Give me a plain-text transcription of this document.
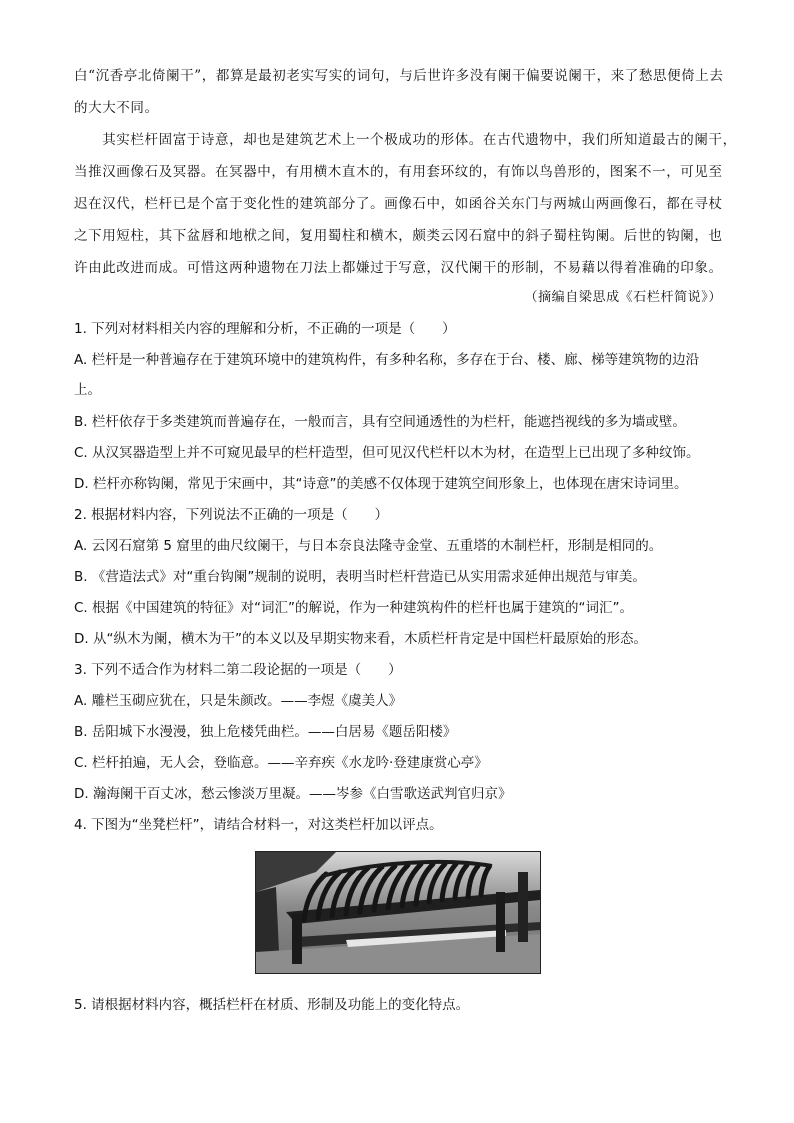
白“沉香亭北倚阑干”，都算是最初老实写实的词句，与后世许多没有阑干偏要说阑干，来了愁思便倚上去
的大大不同。
　　其实栏杆固富于诗意，却也是建筑艺术上一个极成功的形体。在古代遗物中，我们所知道最古的阑干，
当推汉画像石及冥器。在冥器中，有用横木直木的，有用套环纹的，有饰以鸟兽形的，图案不一，可见至
迟在汉代，栏杆已是个富于变化性的建筑部分了。画像石中，如函谷关东门与两城山两画像石，都在寻杖
之下用短柱，其下盆唇和地栿之间，复用蜀柱和横木，颇类云冈石窟中的斜子蜀柱钩阑。后世的钩阑，也
许由此改进而成。可惜这两种遗物在刀法上都嫌过于写意，汉代阑干的形制，不易藉以得着准确的印象。
（摘编自梁思成《石栏杆简说》）
1. 下列对材料相关内容的理解和分析，不正确的一项是（　　）
A. 栏杆是一种普遍存在于建筑环境中的建筑构件，有多种名称，多存在于台、楼、廊、梯等建筑物的边沿
上。
B. 栏杆依存于多类建筑而普遍存在，一般而言，具有空间通透性的为栏杆，能遮挡视线的多为墙或壁。
C. 从汉冥器造型上并不可窥见最早的栏杆造型，但可见汉代栏杆以木为材，在造型上已出现了多种纹饰。
D. 栏杆亦称钩阑，常见于宋画中，其“诗意”的美感不仅体现于建筑空间形象上，也体现在唐宋诗词里。
2. 根据材料内容，下列说法不正确的一项是（　　）
A. 云冈石窟第 5 窟里的曲尺纹阑干，与日本奈良法隆寺金堂、五重塔的木制栏杆，形制是相同的。
B. 《营造法式》对“重台钩阑”规制的说明，表明当时栏杆营造已从实用需求延伸出规范与审美。
C. 根据《中国建筑的特征》对“词汇”的解说，作为一种建筑构件的栏杆也属于建筑的“词汇”。
D. 从“纵木为阑，横木为干”的本义以及早期实物来看，木质栏杆肯定是中国栏杆最原始的形态。
3. 下列不适合作为材料二第二段论据的一项是（　　）
A. 雕栏玉砌应犹在，只是朱颜改。——李煜《虞美人》
B. 岳阳城下水漫漫，独上危楼凭曲栏。——白居易《题岳阳楼》
C. 栏杆拍遍，无人会，登临意。——辛弃疾《水龙吟·登建康赏心亭》
D. 瀚海阑干百丈冰，愁云惨淡万里凝。——岑参《白雪歌送武判官归京》
4. 下图为“坐凳栏杆”，请结合材料一，对这类栏杆加以评点。
5. 请根据材料内容，概括栏杆在材质、形制及功能上的变化特点。
